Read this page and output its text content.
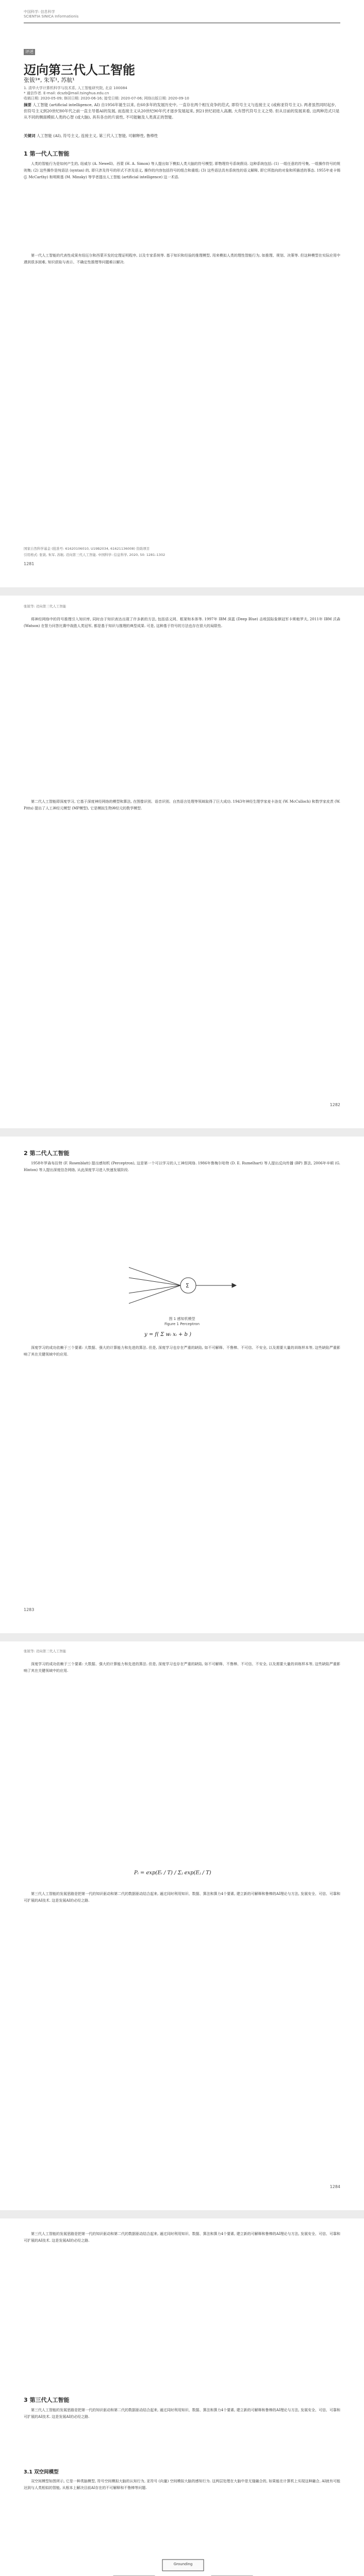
中国科学: 信息科学
SCIENTIA SINICA Informationis
评述
迈向第三代人工智能
张钹¹*, 朱军¹, 苏航¹
1. 清华大学计算机科学与技术系, 人工智能研究院, 北京 100084
* 通信作者. E-mail: dcszb@mail.tsinghua.edu.cn
收稿日期: 2020-05-09; 修回日期: 2020-06-16; 接受日期: 2020-07-06; 网络出版日期: 2020-09-10
摘要 人工智能 (artificial intelligence, AI) 自1956年诞生以来, 在60多年的发展历史中, 一直存在两个相互竞争的范式, 即符号主义与连接主义 (或称亚符号主义). 两者虽然同时起步, 但符号主义到20世纪80年代之前一直主导着AI的发展, 而连接主义从20世纪90年代才逐步发展起来, 到21世纪初进入高潮, 大有替代符号主义之势. 但从目前的发展来看, 这两种范式只是从不同的侧面模拟人类的心智 (或大脑), 具有各自的片面性, 不可能触及人类真正的智能.
关键词 人工智能 (AI), 符号主义, 连接主义, 第三代人工智能, 可解释性, 鲁棒性
1 第一代人工智能
人类的智能行为是如何产生的, 纽威尔 (A. Newell)、西蒙 (H. A. Simon) 等人提出如下模拟人类大脑的符号模型, 即物理符号系统假设. 这种系统包括: (1) 一组任意的符号集, 一组操作符号的规则集; (2) 这些操作是纯语法 (syntax) 的, 即只涉及符号的形式不涉及语义, 操作的内容包括符号的组合和重组; (3) 这些语法具有系统性的语义解释, 即它所指向的对象和所描述的事态. 1955年麦卡锡 (J. McCarthy) 和明斯基 (M. Minsky) 等学者提出人工智能 (artificial intelligence) 这一术语.
第一代人工智能的代表性成果有纽厄尔和西蒙开发的定理证明程序, 以及专家系统等. 基于知识和经验的推理模型, 用来模拟人类的理性智能行为, 如推理、规划、决策等. 但这种模型在实际应用中遇到很多困难, 知识获取与表示、不确定性推理等问题难以解决.
国家自然科学基金 (批准号: 61620106010, U19B2034, 61621136008) 资助项目
引用格式: 张钹, 朱军, 苏航. 迈向第三代人工智能. 中国科学: 信息科学, 2020, 50: 1281–1302
1281
张钹等: 迈向第三代人工智能
将神经网络中的符号推理引入知识库, 同时由于知识表达出现了许多新的方法, 包括语义网、框架和本体等. 1997年 IBM 深蓝 (Deep Blue) 击败国际象棋冠军卡斯帕罗夫, 2011年 IBM 沃森 (Watson) 在智力问答比赛中战胜人类冠军, 都是基于知识与推理的典型成果. 可是, 这种基于符号的方法也存在很大的局限性.
第二代人工智能即深度学习, 它基于深度神经网络的模型和算法, 在图像识别、语音识别、自然语言处理等领域取得了巨大成功. 1943年神经生理学家麦卡洛克 (W. McCulloch) 和数学家皮茨 (W. Pitts) 提出了人工神经元模型 (MP模型), 它是模拟生物神经元的数学模型.
1282
2 第二代人工智能
1958年罗森布拉特 (F. Rosenblatt) 提出感知机 (Perceptron), 这是第一个可以学习的人工神经网络. 1986年鲁梅尔哈特 (D. E. Rumelhart) 等人提出反向传播 (BP) 算法, 2006年辛顿 (G. Hinton) 等人提出深度信念网络, 从此深度学习进入快速发展阶段.
Σ
图 1 感知机模型
Figure 1 Perceptron
y = f( Σ wᵢ xᵢ + b )
深度学习的成功依赖于三个要素: 大数据、强大的计算能力和先进的算法. 但是, 深度学习也存在严重的缺陷, 如不可解释、不鲁棒、不可信、不安全, 以及需要大量的训练样本等, 这些缺陷严重影响了其在关键领域中的应用.
1283
张钹等: 迈向第三代人工智能
深度学习的成功依赖于三个要素: 大数据、强大的计算能力和先进的算法. 但是, 深度学习也存在严重的缺陷, 如不可解释、不鲁棒、不可信、不安全, 以及需要大量的训练样本等, 这些缺陷严重影响了其在关键领域中的应用.
Pᵢ = exp(Eᵢ / T) / Σⱼ exp(Eⱼ / T)
第三代人工智能的发展思路是把第一代的知识驱动和第二代的数据驱动结合起来, 通过同时利用知识、数据、算法和算力4个要素, 建立新的可解释和鲁棒的AI理论与方法, 发展安全、可信、可靠和可扩展的AI技术. 这是发展AI的必经之路.
1284
第三代人工智能的发展思路是把第一代的知识驱动和第二代的数据驱动结合起来, 通过同时利用知识、数据、算法和算力4个要素, 建立新的可解释和鲁棒的AI理论与方法, 发展安全、可信、可靠和可扩展的AI技术. 这是发展AI的必经之路.
3 第三代人工智能
第三代人工智能的发展思路是把第一代的知识驱动和第二代的数据驱动结合起来, 通过同时利用知识、数据、算法和算力4个要素, 建立新的可解释和鲁棒的AI理论与方法, 发展安全、可信、可靠和可扩展的AI技术. 这是发展AI的必经之路.
3.1 双空间模型
双空间模型如图所示, 它是一种类脑模型, 符号空间模拟大脑的认知行为, 亚符号 (向量) 空间模拟大脑的感知行为. 这两层处理在大脑中是无缝融合的, 如果能在计算机上实现这种融合, AI就有可能达到与人类相似的智能, 从根本上解决目前AI存在的不可解释和不鲁棒等问题.
Grounding
